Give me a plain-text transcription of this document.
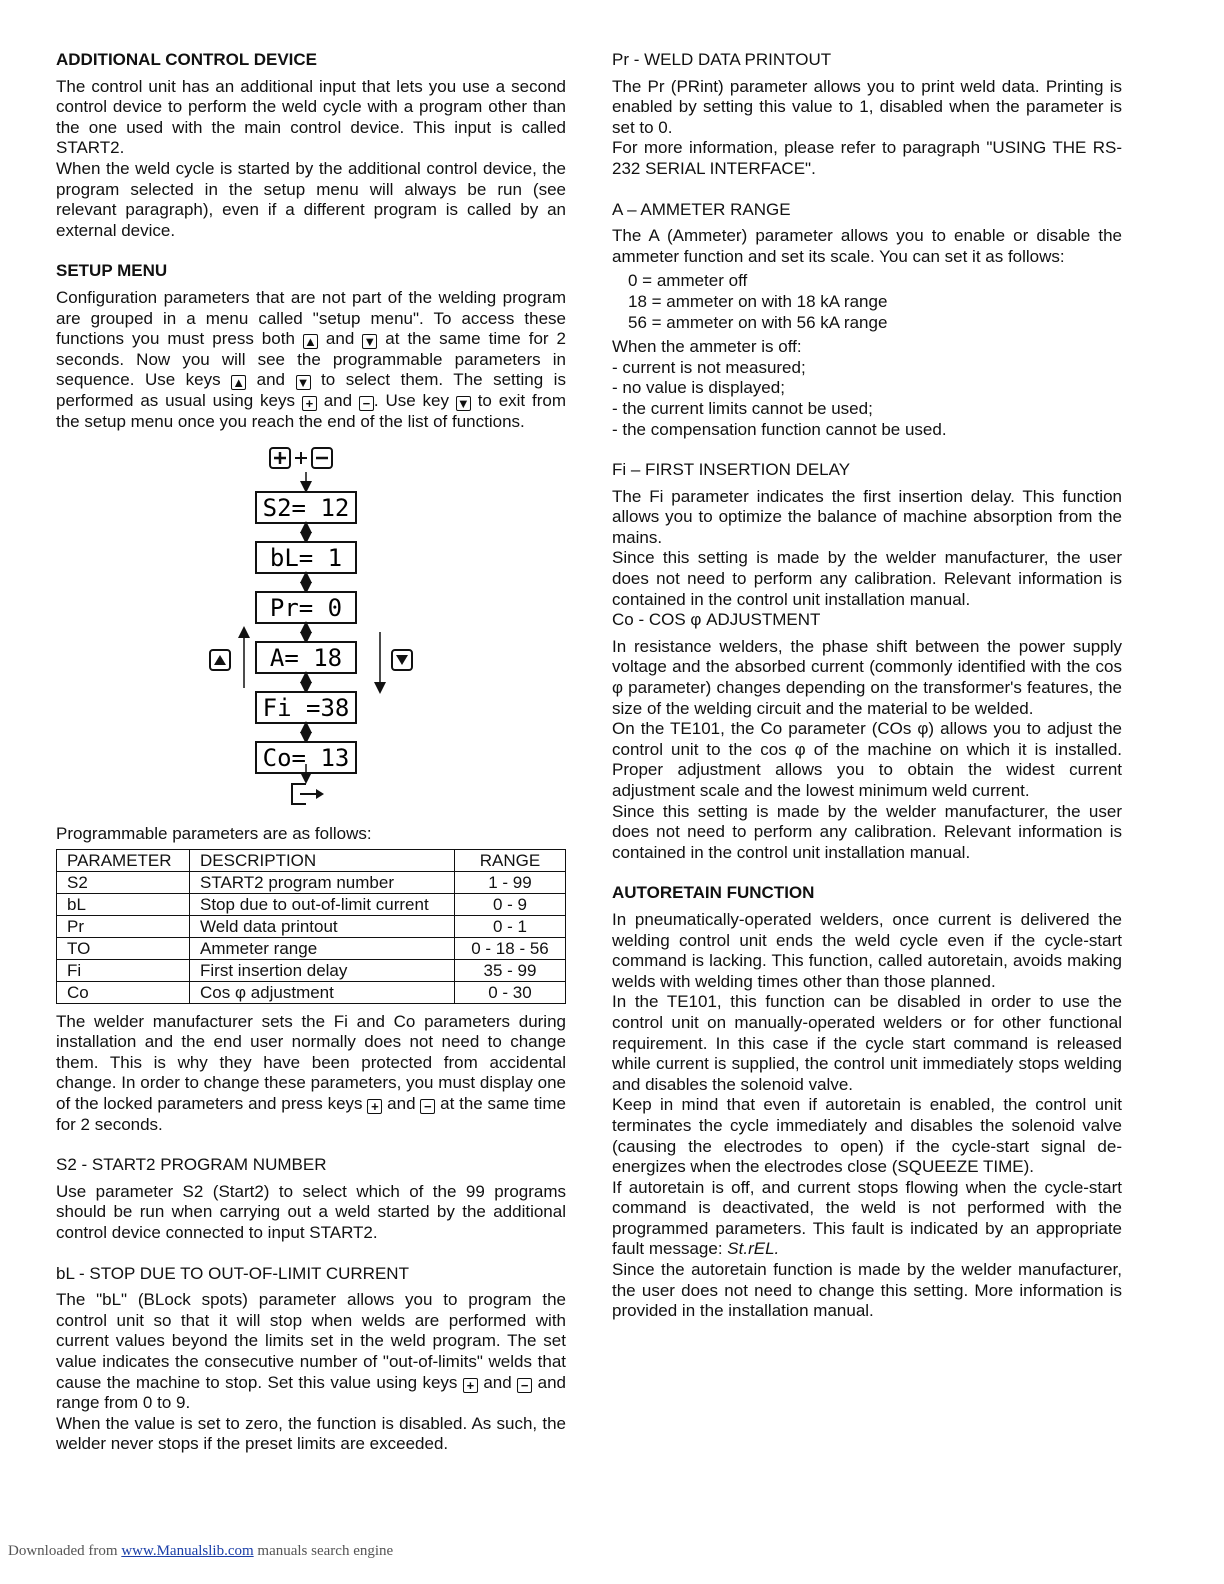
ADDITIONAL CONTROL DEVICE

The control unit has an additional input that lets you use a second control device to perform the weld cycle with a program other than the one used with the main control device. This input is called START2.

When the weld cycle is started by the additional control device, the program selected in the setup menu will always be run (see relevant paragraph), even if a different program is called by an external device.

SETUP MENU

Configuration parameters that are not part of the welding program are grouped in a menu called "setup menu". To access these functions you must press both ▲ and ▼ at the same time for 2 seconds. Now you will see the programmable parameters in sequence. Use keys ▲ and ▼ to select them. The setting is performed as usual using keys + and − . Use key ▼ to exit from the setup menu once you reach the end of the list of functions.

S2= 12
bL= 1
Pr= 0
A= 18
Fi =38
Co= 13

Programmable parameters are as follows:

PARAMETER	DESCRIPTION	RANGE
S2	START2 program number	1 - 99
bL	Stop due to out-of-limit current	0 - 9
Pr	Weld data printout	0 - 1
TO	Ammeter range	0 - 18 - 56
Fi	First insertion delay	35 - 99
Co	Cos φ adjustment	0 - 30

The welder manufacturer sets the Fi and Co parameters during installation and the end user normally does not need to change them. This is why they have been protected from accidental change. In order to change these parameters, you must display one of the locked parameters and press keys + and − at the same time for 2 seconds.

S2 - START2 PROGRAM NUMBER

Use parameter S2 (Start2) to select which of the 99 programs should be run when carrying out a weld started by the additional control device connected to input START2.

bL - STOP DUE TO OUT-OF-LIMIT CURRENT

The "bL" (BLock spots) parameter allows you to program the control unit so that it will stop when welds are performed with current values beyond the limits set in the weld program. The set value indicates the consecutive number of "out-of-limits" welds that cause the machine to stop. Set this value using keys + and − and range from 0 to 9.

When the value is set to zero, the function is disabled. As such, the welder never stops if the preset limits are exceeded.

Pr - WELD DATA PRINTOUT

The Pr (PRint) parameter allows you to print weld data. Printing is enabled by setting this value to 1, disabled when the parameter is set to 0.

For more information, please refer to paragraph "USING THE RS-232 SERIAL INTERFACE".

A – AMMETER RANGE

The A (Ammeter) parameter allows you to enable or disable the ammeter function and set its scale. You can set it as follows:

0 = ammeter off
18 = ammeter on with 18 kA range
56 = ammeter on with 56 kA range

When the ammeter is off:

- current is not measured;
- no value is displayed;
- the current limits cannot be used;
- the compensation function cannot be used.
Fi – FIRST INSERTION DELAY

The Fi parameter indicates the first insertion delay. This function allows you to optimize the balance of machine absorption from the mains.

Since this setting is made by the welder manufacturer, the user does not need to perform any calibration. Relevant information is contained in the control unit installation manual.

Co - COS φ ADJUSTMENT

In resistance welders, the phase shift between the power supply voltage and the absorbed current (commonly identified with the cos φ parameter) changes depending on the transformer's features, the size of the welding circuit and the material to be welded.

On the TE101, the Co parameter (COs φ) allows you to adjust the control unit to the cos φ of the machine on which it is installed. Proper adjustment allows you to obtain the widest current adjustment scale and the lowest minimum weld current.

Since this setting is made by the welder manufacturer, the user does not need to perform any calibration. Relevant information is contained in the control unit installation manual.

AUTORETAIN FUNCTION

In pneumatically-operated welders, once current is delivered the welding control unit ends the weld cycle even if the cycle-start command is lacking. This function, called autoretain, avoids making welds with welding times other than those planned.

In the TE101, this function can be disabled in order to use the control unit on manually-operated welders or for other functional requirement. In this case if the cycle start command is released while current is supplied, the control unit immediately stops welding and disables the solenoid valve.

Keep in mind that even if autoretain is enabled, the control unit terminates the cycle immediately and disables the solenoid valve (causing the electrodes to open) if the cycle-start signal de-energizes when the electrodes close (SQUEEZE TIME).

If autoretain is off, and current stops flowing when the cycle-start command is deactivated, the weld is not performed with the programmed parameters. This fault is indicated by an appropriate fault message: St.rEL.

Since the autoretain function is made by the welder manufacturer, the user does not need to change this setting. More information is provided in the installation manual.

Downloaded from www.Manualslib.com manuals search engine
